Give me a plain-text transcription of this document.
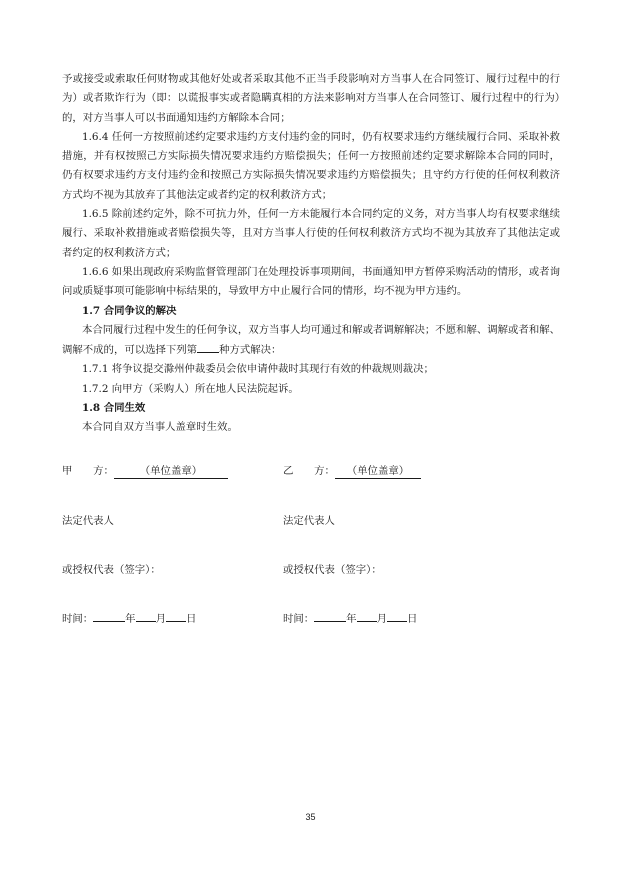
予或接受或索取任何财物或其他好处或者采取其他不正当手段影响对方当事人在合同签订、履行过程中的行为）或者欺诈行为（即：以谎报事实或者隐瞒真相的方法来影响对方当事人在合同签订、履行过程中的行为）的，对方当事人可以书面通知违约方解除本合同；

1.6.4 任何一方按照前述约定要求违约方支付违约金的同时，仍有权要求违约方继续履行合同、采取补救措施，并有权按照己方实际损失情况要求违约方赔偿损失；任何一方按照前述约定要求解除本合同的同时，仍有权要求违约方支付违约金和按照己方实际损失情况要求违约方赔偿损失；且守约方行使的任何权利救济方式均不视为其放弃了其他法定或者约定的权利救济方式；

1.6.5 除前述约定外，除不可抗力外，任何一方未能履行本合同约定的义务，对方当事人均有权要求继续履行、采取补救措施或者赔偿损失等，且对方当事人行使的任何权利救济方式均不视为其放弃了其他法定或者约定的权利救济方式；

1.6.6 如果出现政府采购监督管理部门在处理投诉事项期间，书面通知甲方暂停采购活动的情形，或者询问或质疑事项可能影响中标结果的，导致甲方中止履行合同的情形，均不视为甲方违约。

1.7 合同争议的解决

本合同履行过程中发生的任何争议，双方当事人均可通过和解或者调解解决；不愿和解、调解或者和解、调解不成的，可以选择下列第 种方式解决：

1.7.1 将争议提交滁州仲裁委员会依申请仲裁时其现行有效的仲裁规则裁决；

1.7.2 向甲方（采购人）所在地人民法院起诉。

1.8 合同生效

本合同自双方当事人盖章时生效。

甲　　方： （单位盖章）	乙　　方： （单位盖章）
法定代表人	法定代表人
或授权代表（签字）：	或授权代表（签字）：
时间：	年 月 日	时间：	年 月 日
35
